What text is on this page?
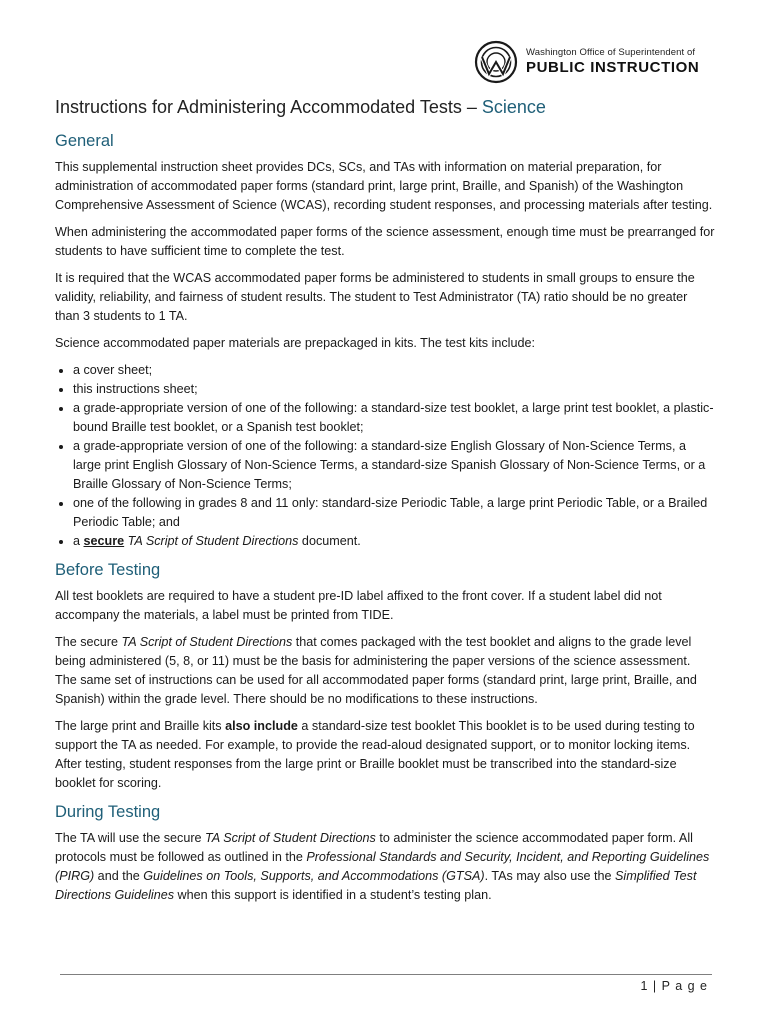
Washington Office of Superintendent of
PUBLIC INSTRUCTION
Instructions for Administering Accommodated Tests – Science
General

This supplemental instruction sheet provides DCs, SCs, and TAs with information on material preparation, for administration of accommodated paper forms (standard print, large print, Braille, and Spanish) of the Washington Comprehensive Assessment of Science (WCAS), recording student responses, and processing materials after testing.

When administering the accommodated paper forms of the science assessment, enough time must be prearranged for students to have sufficient time to complete the test.

It is required that the WCAS accommodated paper forms be administered to students in small groups to ensure the validity, reliability, and fairness of student results. The student to Test Administrator (TA) ratio should be no greater than 3 students to 1 TA.

Science accommodated paper materials are prepackaged in kits. The test kits include:

• a cover sheet;
• this instructions sheet;
• a grade-appropriate version of one of the following: a standard-size test booklet, a large print test booklet, a plastic-bound Braille test booklet, or a Spanish test booklet;
• a grade-appropriate version of one of the following: a standard-size English Glossary of Non-Science Terms, a large print English Glossary of Non-Science Terms, a standard-size Spanish Glossary of Non-Science Terms, or a Braille Glossary of Non-Science Terms;
• one of the following in grades 8 and 11 only: standard-size Periodic Table, a large print Periodic Table, or a Brailed Periodic Table; and
• a secure TA Script of Student Directions document.
Before Testing

All test booklets are required to have a student pre-ID label affixed to the front cover. If a student label did not accompany the materials, a label must be printed from TIDE.

The secure TA Script of Student Directions that comes packaged with the test booklet and aligns to the grade level being administered (5, 8, or 11) must be the basis for administering the paper versions of the science assessment. The same set of instructions can be used for all accommodated paper forms (standard print, large print, Braille, and Spanish) within the grade level. There should be no modifications to these instructions.

The large print and Braille kits also include a standard-size test booklet This booklet is to be used during testing to support the TA as needed. For example, to provide the read-aloud designated support, or to monitor locking items. After testing, student responses from the large print or Braille booklet must be transcribed into the standard-size booklet for scoring.

During Testing

The TA will use the secure TA Script of Student Directions to administer the science accommodated paper form. All protocols must be followed as outlined in the Professional Standards and Security, Incident, and Reporting Guidelines (PIRG) and the Guidelines on Tools, Supports, and Accommodations (GTSA). TAs may also use the Simplified Test Directions Guidelines when this support is identified in a student’s testing plan.

1 | P a g e
